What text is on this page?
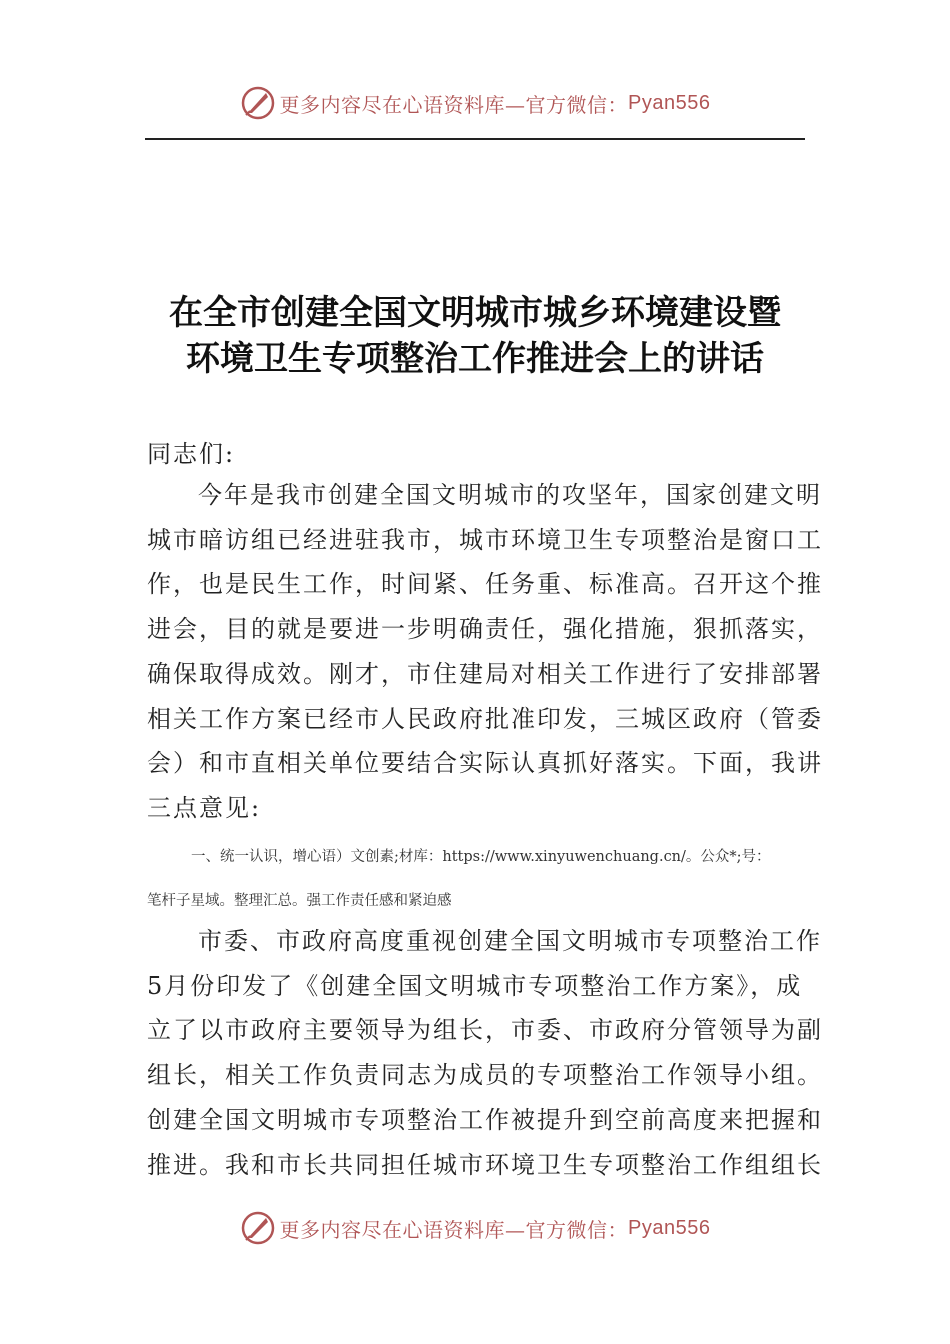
更多内容尽在心语资料库—官方微信： Pyan556
在全市创建全国文明城市城乡环境建设暨
环境卫生专项整治工作推进会上的讲话

同志们:

今年是我市创建全国文明城市的攻坚年，国家创建文明
城市暗访组已经进驻我市，城市环境卫生专项整治是窗口工
作，也是民生工作，时间紧、任务重、标准高。召开这个推
进会，目的就是要进一步明确责任，强化措施，狠抓落实，
确保取得成效。刚才，市住建局对相关工作进行了安排部署
相关工作方案已经市人民政府批准印发，三城区政府（管委
会）和市直相关单位要结合实际认真抓好落实。下面，我讲
三点意见:
一、统一认识，增心语）文创素;材库：https://www.xinyuwenchuang.cn/。公众*;号：
笔杆子星域。整理汇总。强工作责任感和紧迫感
市委、市政府高度重视创建全国文明城市专项整治工作
5月份印发了《创建全国文明城市专项整治工作方案》，成
立了以市政府主要领导为组长，市委、市政府分管领导为副
组长，相关工作负责同志为成员的专项整治工作领导小组。
创建全国文明城市专项整治工作被提升到空前高度来把握和
推进。我和市长共同担任城市环境卫生专项整治工作组组长
更多内容尽在心语资料库—官方微信： Pyan556
